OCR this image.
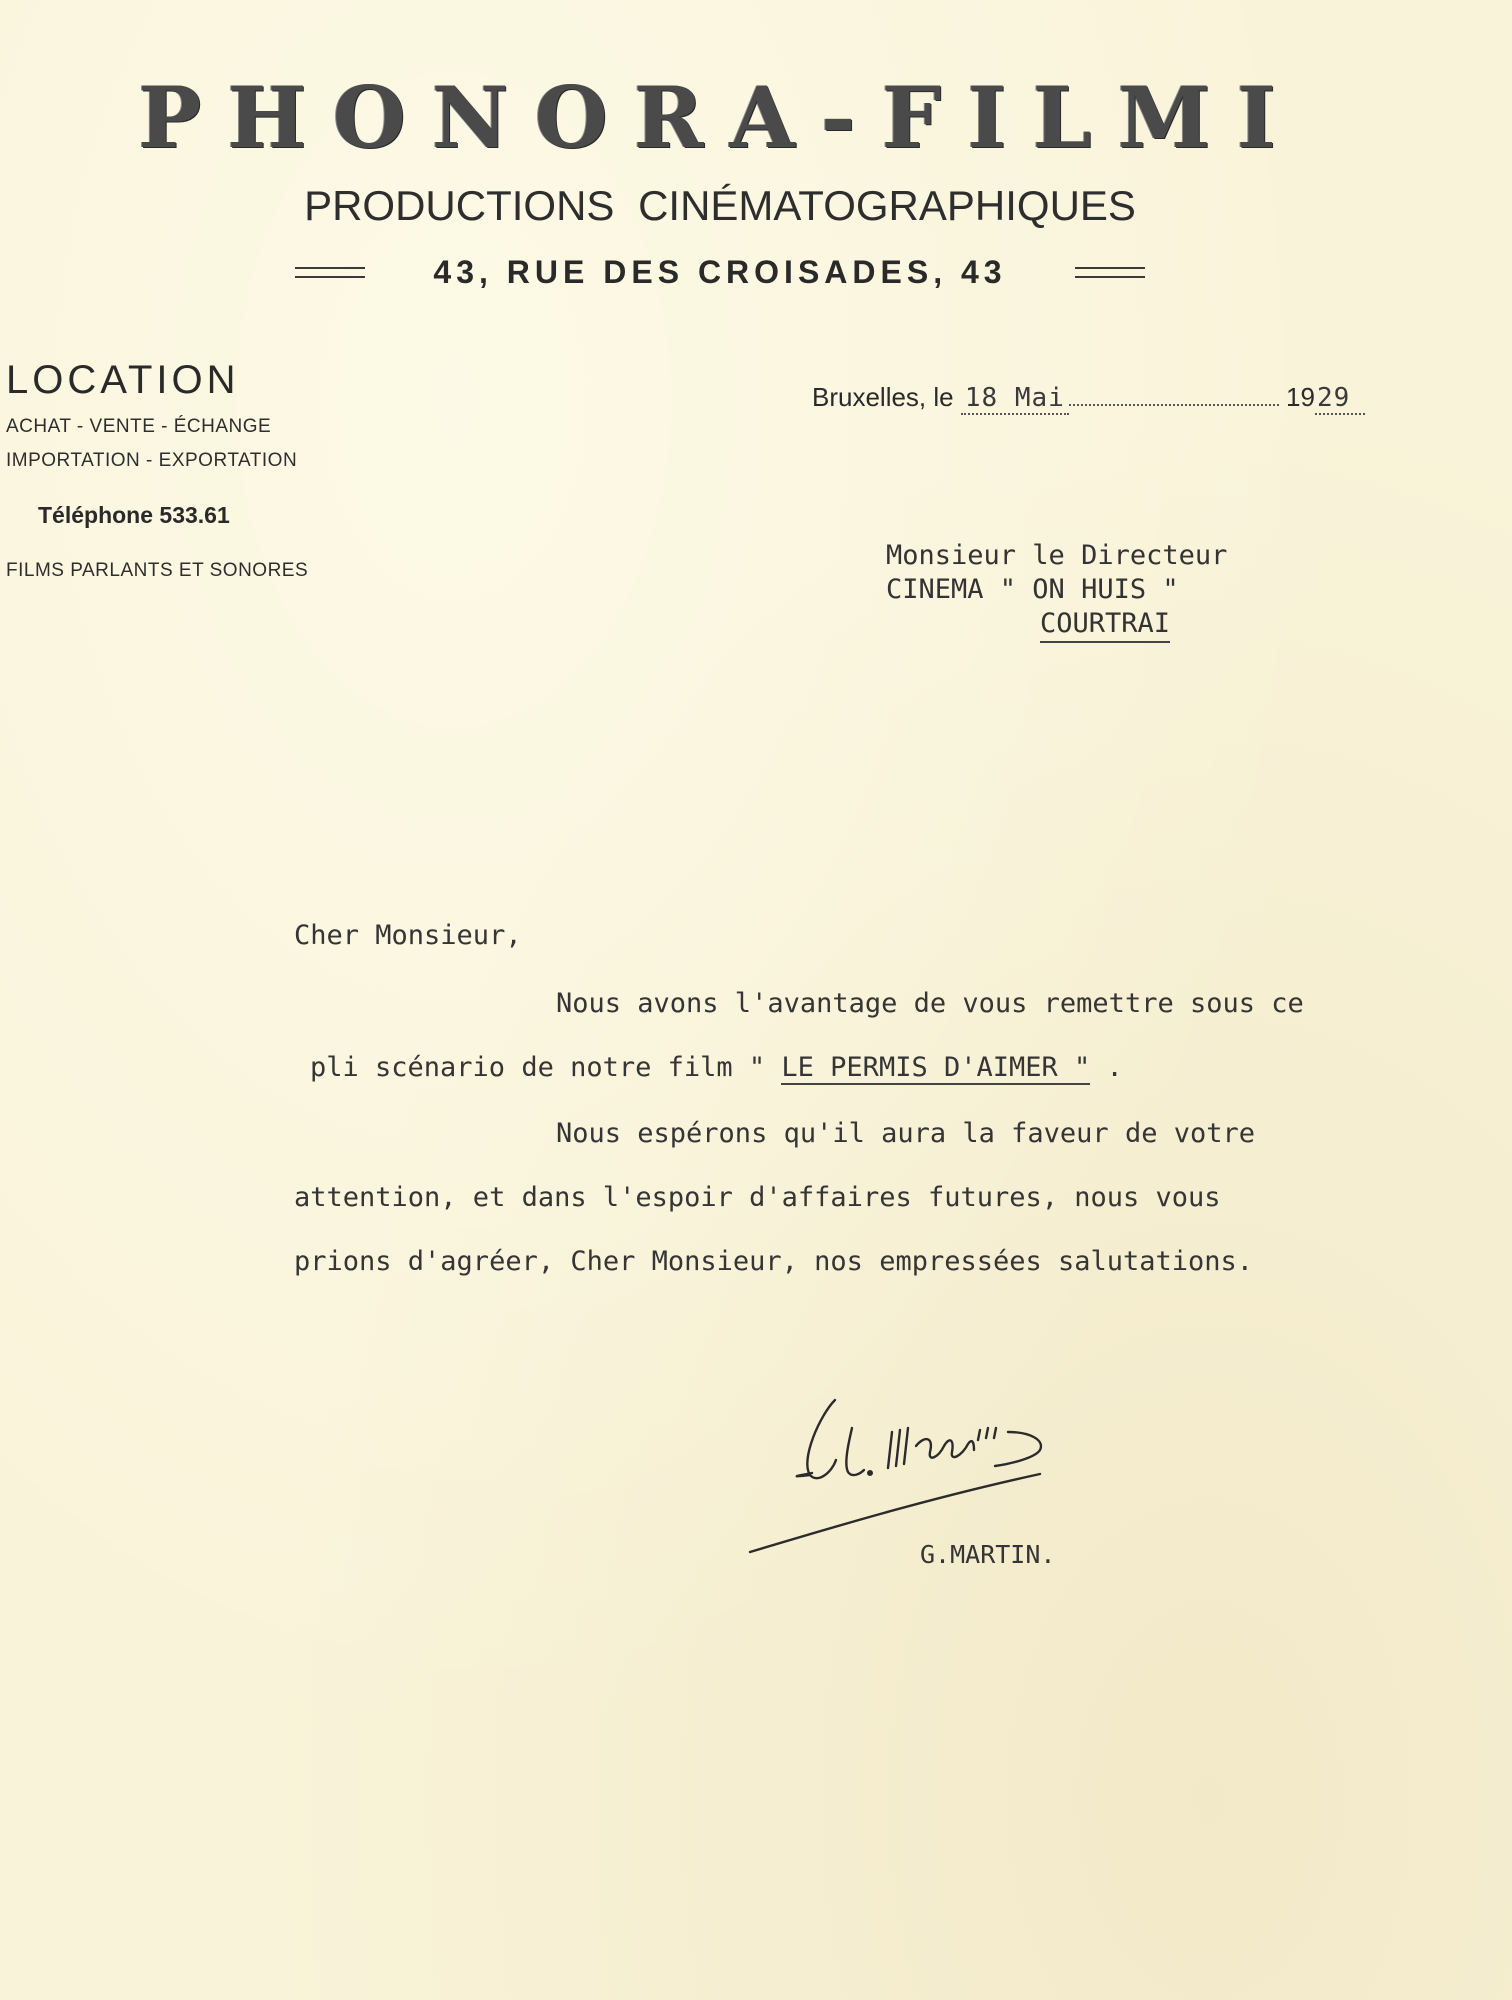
PHONORA-FILMI
PRODUCTIONS CINÉMATOGRAPHIQUES
43, RUE DES CROISADES, 43
LOCATION
ACHAT - VENTE - ÉCHANGE
IMPORTATION - EXPORTATION
Téléphone 533.61
FILMS PARLANTS ET SONORES
Bruxelles, le 18 Mai	1929
Monsieur le Directeur
CINEMA " ON HUIS "
COURTRAI
Cher Monsieur,
Nous avons l'avantage de vous remettre sous ce
pli scénario de notre film " LE PERMIS D'AIMER " .
Nous espérons qu'il aura la faveur de votre
attention, et dans l'espoir d'affaires futures, nous vous
prions d'agréer, Cher Monsieur, nos empressées salutations.
G.MARTIN.
